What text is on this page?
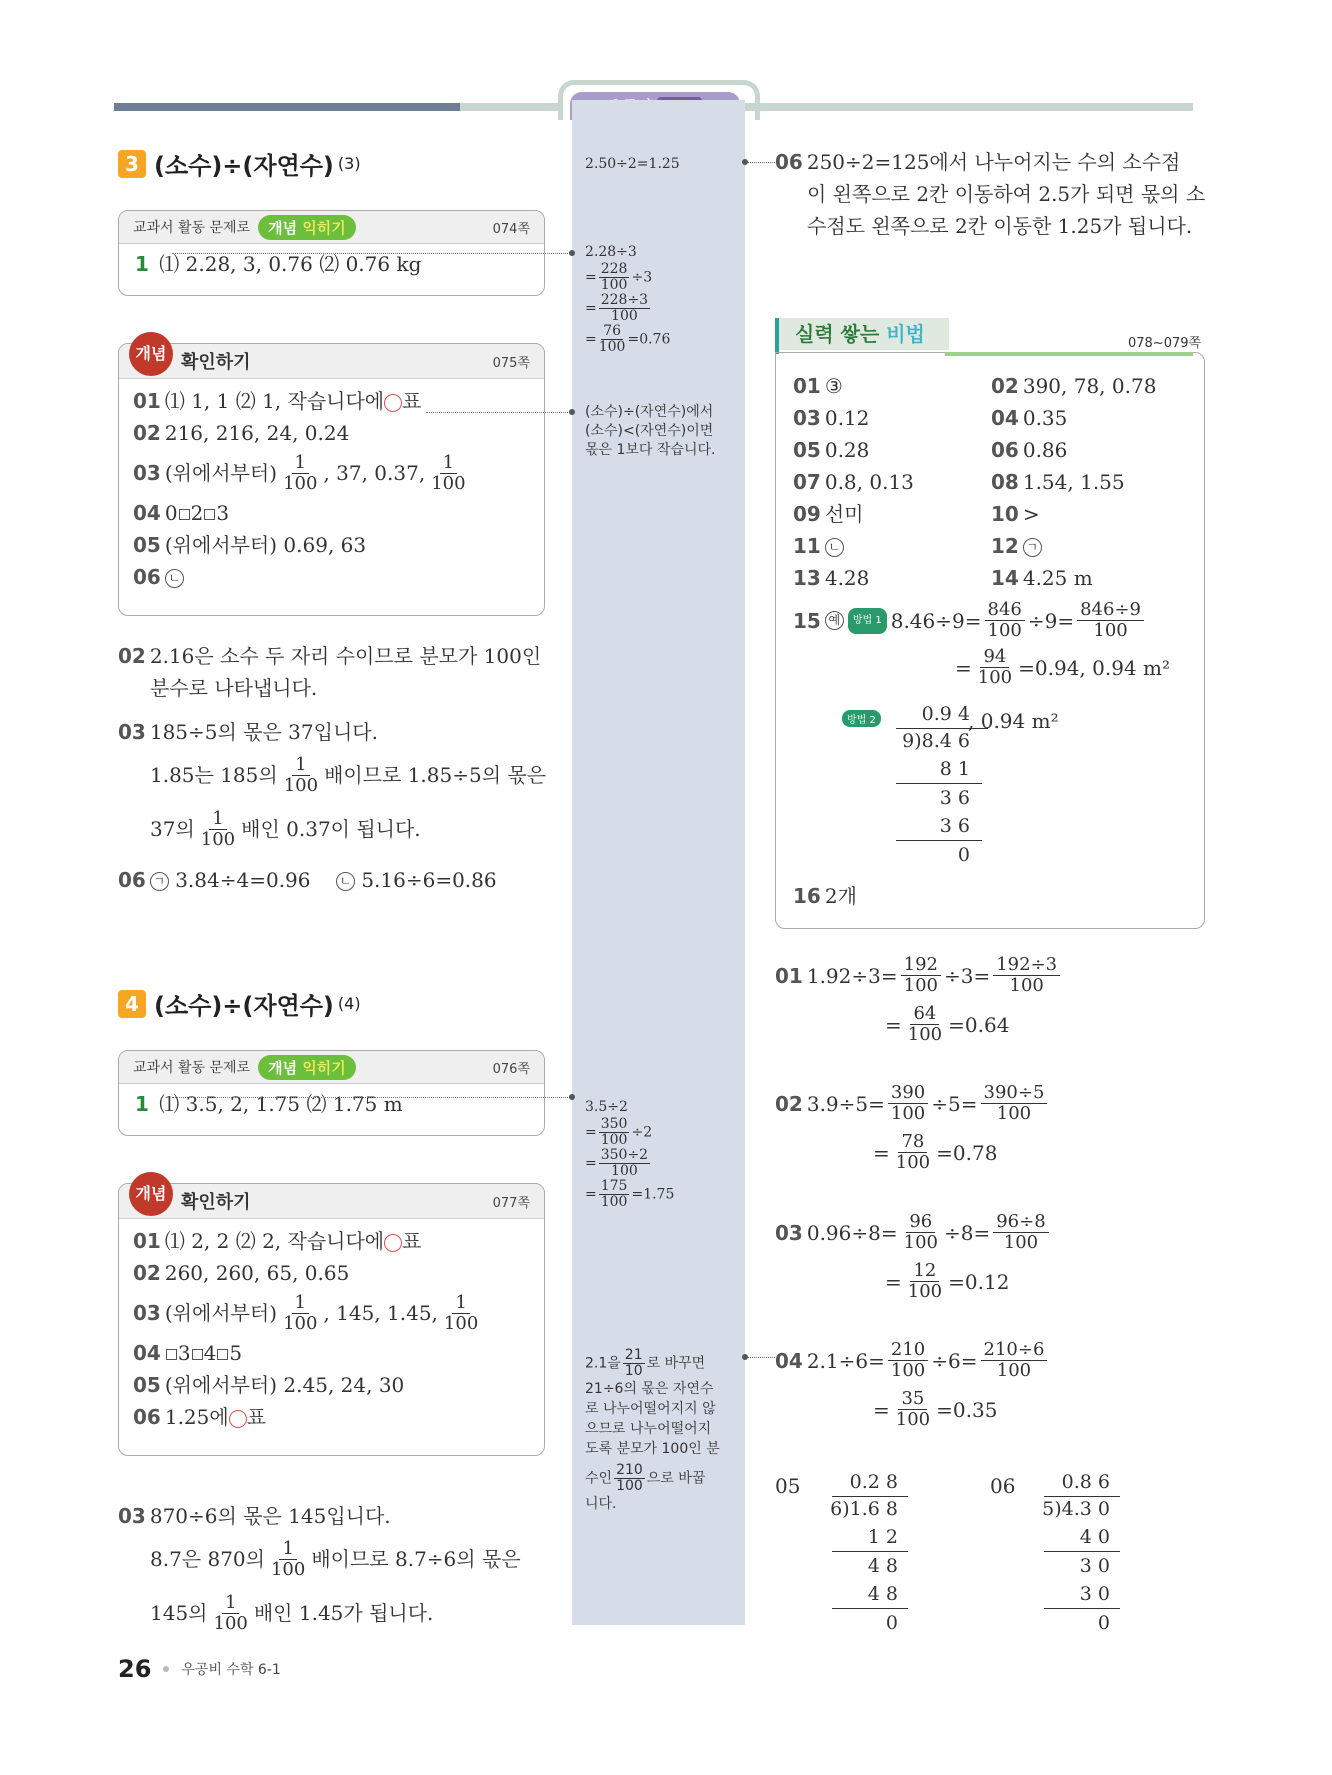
3 (소수)÷(자연수) (3)
교과서 활동 문제로	개념 익히기	074쪽
1 ⑴ 2.28, 3, 0.76 ⑵ 0.76 kg
개념 확인하기	075쪽
01 ⑴ 1, 1 ⑵ 1, 작습니다에○표
02 216, 216, 24, 0.24
03 (위에서부터) $\frac{1}{100}$ , 37, 0.37, $\frac{1}{100}$
04 0 2 3
05 (위에서부터) 0.69, 63
06 ㄴ
02 2.16은 소수 두 자리 수이므로 분모가 100인
분수로 나타냅니다.
03 185÷5의 몫은 37입니다.
1.85는 185의 $\frac{1}{100}$ 배이므로 1.85÷5의 몫은
37의 $\frac{1}{100}$ 배인 0.37이 됩니다.
06 ㄱ 3.84÷4=0.96 ㄴ 5.16÷6=0.86
4 (소수)÷(자연수) (4)
교과서 활동 문제로	개념 익히기	076쪽
1 ⑴ 3.5, 2, 1.75 ⑵ 1.75 m
개념 확인하기	077쪽
01 ⑴ 2, 2 ⑵ 2, 작습니다에○표
02 260, 260, 65, 0.65
03 (위에서부터) $\frac{1}{100}$ , 145, 1.45, $\frac{1}{100}$
04 3 4 5
05 (위에서부터) 2.45, 24, 30
06 1.25에○표
03 870÷6의 몫은 145입니다.
8.7은 870의 $\frac{1}{100}$ 배이므로 8.7÷6의 몫은
145의 $\frac{1}{100}$ 배인 1.45가 됩니다.
26 우공비 수학 6-1
2.50÷2=1.25
2.28÷3
= $\frac{228}{100} \div 3$
= $\frac{228\div 3}{100}$
= $\frac{76}{100} =0.76$
(소수)÷(자연수)에서
(소수)<(자연수)이면
몫은 1보다 작습니다.
3.5÷2
= $\frac{350}{100} \div 2$
= $\frac{350\div 2}{100}$
= $\frac{175}{100} =1.75$
2.1을 $\frac{21}{10}$ 로 바꾸면
21÷6의 몫은 자연수
로 나누어떨어지지 않
으므로 나누어떨어지
도록 분모가 100인 분
수인 $\frac{210}{100}$ 으로 바꿉
니다.
06 250÷2=125에서 나누어지는 수의 소수점
이 왼쪽으로 2칸 이동하여 2.5가 되면 몫의 소
수점도 왼쪽으로 2칸 이동한 1.25가 됩니다.
실력 쌓는 비법	078~079쪽
01 ③	02 390, 78, 0.78
03 0.12	04 0.35
05 0.28	06 0.86
07 0.8, 0.13	08 1.54, 1.55
09 선미	10 >
11 ㄴ	12 ㄱ
13 4.28	14 4.25 m
15 예	방법 1 $8.46\div 9= \frac{846}{100} \div 9= \frac{846\div 9}{100}$
= $\frac{94}{100} =0.94$, 0.94 m²
방법 2	0.9 4
9)8.4 6
8 1
3 6
3 6
0
, 0.94 m²
16 2개
01 $1.92\div 3= \frac{192}{100} \div 3= \frac{192\div 3}{100}$
= $\frac{64}{100} =0.64$
02 $3.9\div 5= \frac{390}{100} \div 5= \frac{390\div 5}{100}$
= $\frac{78}{100} =0.78$
03 $0.96\div 8= \frac{96}{100} \div 8= \frac{96\div 8}{100}$
= $\frac{12}{100} =0.12$
04 $2.1\div 6= \frac{210}{100} \div 6= \frac{210\div 6}{100}$
= $\frac{35}{100} =0.35$
05	0.2 8
6)1.6 8
1 2
4 8
4 8
0
06	0.8 6
5)4.3 0
4 0
3 0
3 0
0
